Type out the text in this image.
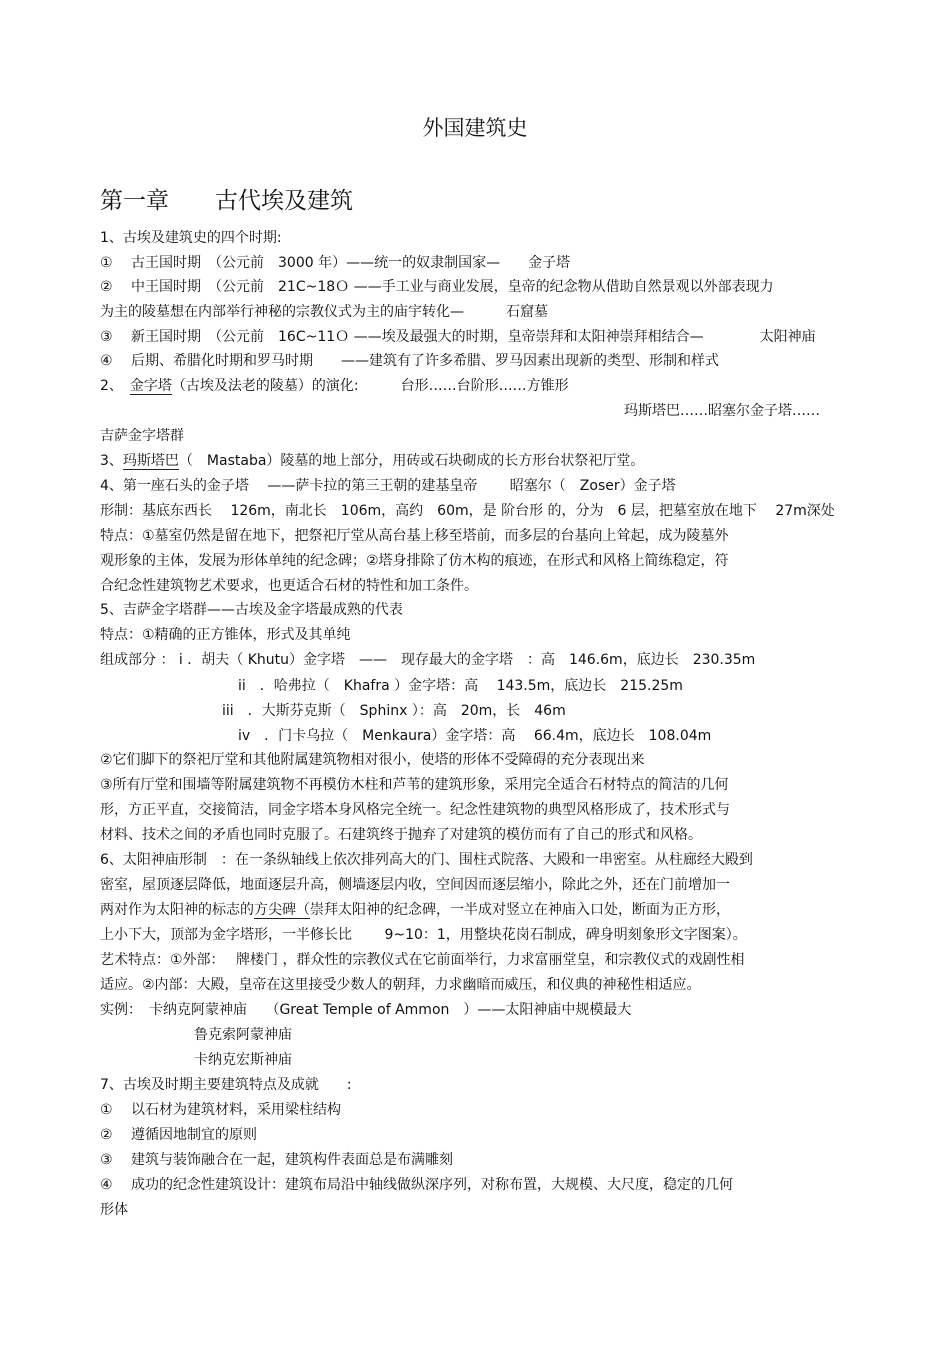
外国建筑史
第一章　　古代埃及建筑
1、古埃及建筑史的四个时期:
①　 古王国时期　（公元前　3000 年）——统一的奴隶制国家—　　金子塔
②　 中王国时期　（公元前　21C~18Ｏ ——手工业与商业发展，皇帝的纪念物从借助自然景观以外部表现力
为主的陵墓想在内部举行神秘的宗教仪式为主的庙宇转化—　　　石窟墓
③　 新王国时期　（公元前　16C~11Ｏ ——埃及最强大的时期，皇帝崇拜和太阳神崇拜相结合—　　　　太阳神庙
④　 后期、希腊化时期和罗马时期　　——建筑有了许多希腊、罗马因素出现新的类型、形制和样式
2、　金字塔（古埃及法老的陵墓）的演化:　　　台形……台阶形……方锥形
玛斯塔巴……昭塞尔金子塔……
吉萨金字塔群
3、玛斯塔巴（　Mastaba）陵墓的地上部分，用砖或石块砌成的长方形台状祭祀厅堂。
4、第一座石头的金子塔　 ——萨卡拉的第三王朝的建基皇帝　　 昭塞尔（　Zoser）金子塔
形制：基底东西长　 126m，南北长　106m，高约　60m，是 阶台形 的，分为　6 层，把墓室放在地下　 27m深处
特点：①墓室仍然是留在地下，把祭祀厅堂从高台基上移至塔前，而多层的台基向上耸起，成为陵墓外
观形象的主体，发展为形体单纯的纪念碑；②塔身排除了仿木构的痕迹，在形式和风格上简练稳定，符
合纪念性建筑物艺术要求，也更适合石材的特性和加工条件。
5、吉萨金字塔群——古埃及金字塔最成熟的代表
特点：①精确的正方锥体，形式及其单纯
组成部分 ： i ．胡夫（ Khutu）金字塔　——　现存最大的金字塔　：高　146.6m，底边长　230.35m
ii　．哈弗拉（　Khafra ）金字塔：高　 143.5m，底边长　215.25m
iii　．大斯芬克斯（　Sphinx ）：高　20m，长　46m
iv　．门卡乌拉（　Menkaura）金字塔：高　 66.4m，底边长　108.04m
②它们脚下的祭祀厅堂和其他附属建筑物相对很小，使塔的形体不受障碍的充分表现出来
③所有厅堂和围墙等附属建筑物不再模仿木柱和芦苇的建筑形象，采用完全适合石材特点的简洁的几何
形，方正平直，交接简洁，同金字塔本身风格完全统一。纪念性建筑物的典型风格形成了，技术形式与
材料、技术之间的矛盾也同时克服了。石建筑终于抛弃了对建筑的模仿而有了自己的形式和风格。
6、太阳神庙形制　：在一条纵轴线上依次排列高大的门、围柱式院落、大殿和一串密室。从柱廊经大殿到
密室，屋顶逐层降低，地面逐层升高，侧墙逐层内收，空间因而逐层缩小，除此之外，还在门前增加一
两对作为太阳神的标志的方尖碑（崇拜太阳神的纪念碑，一半成对竖立在神庙入口处，断面为正方形，
上小下大，顶部为金字塔形，一半修长比　　 9~10：1，用整块花岗石制成，碑身明刻象形文字图案）。
艺术特点：①外部：　 牌楼门 ，群众性的宗教仪式在它前面举行，力求富丽堂皇，和宗教仪式的戏剧性相
适应。②内部：大殿，皇帝在这里接受少数人的朝拜，力求幽暗而威压，和仪典的神秘性相适应。
实例：　卡纳克阿蒙神庙　 （Great Temple of Ammon　）——太阳神庙中规模最大
鲁克索阿蒙神庙
卡纳克宏斯神庙
7、古埃及时期主要建筑特点及成就　　:
①　 以石材为建筑材料，采用梁柱结构
②　 遵循因地制宜的原则
③　 建筑与装饰融合在一起，建筑构件表面总是布满雕刻
④　 成功的纪念性建筑设计：建筑布局沿中轴线做纵深序列，对称布置，大规模、大尺度，稳定的几何
形体
